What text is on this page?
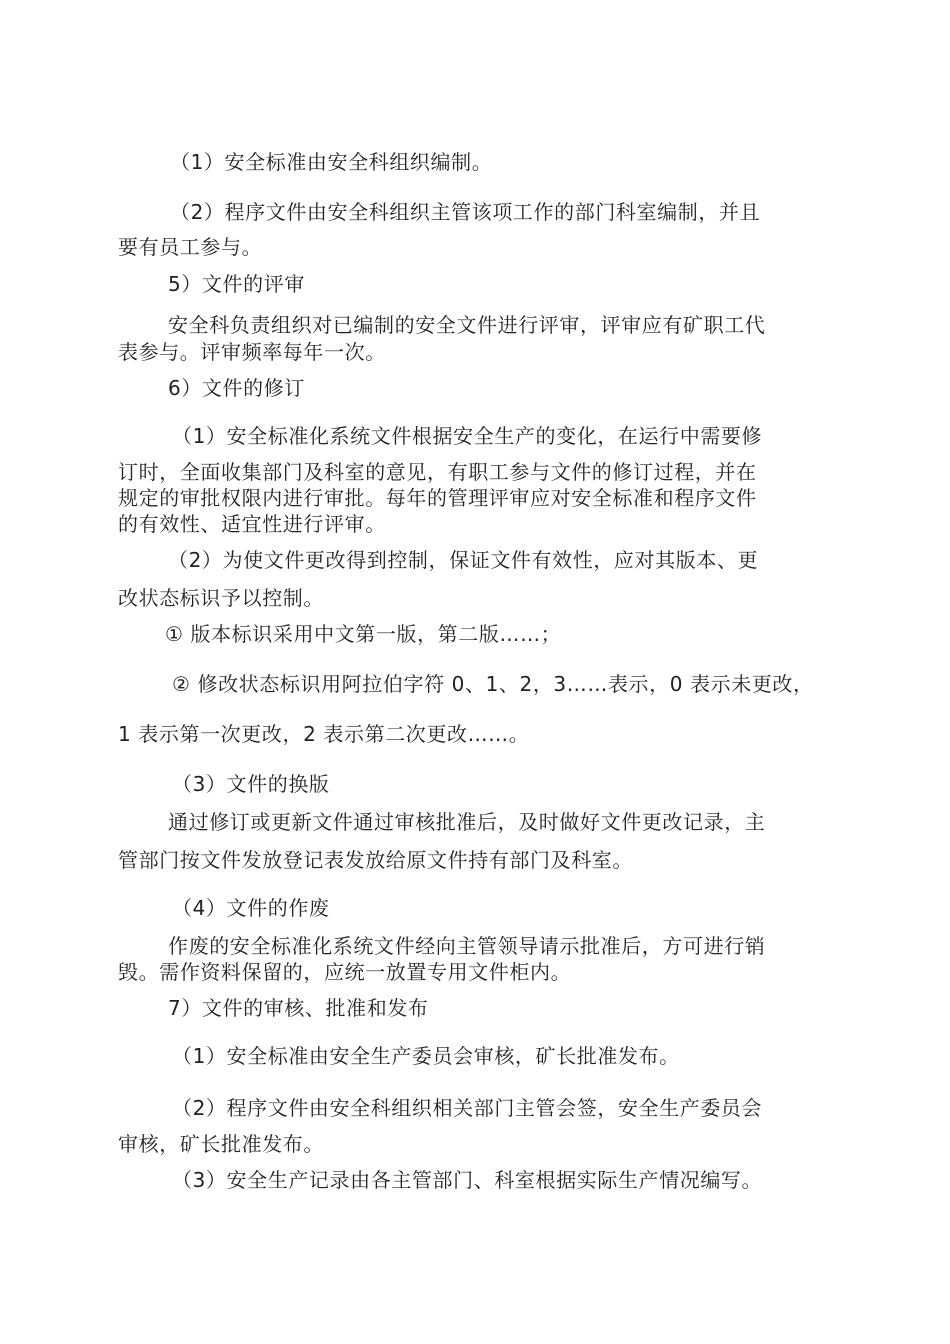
（1）安全标准由安全科组织编制。

（2）程序文件由安全科组织主管该项工作的部门科室编制，并且

要有员工参与。

5）文件的评审

安全科负责组织对已编制的安全文件进行评审，评审应有矿职工代

表参与。评审频率每年一次。

6）文件的修订

（1）安全标准化系统文件根据安全生产的变化，在运行中需要修

订时，全面收集部门及科室的意见，有职工参与文件的修订过程，并在

规定的审批权限内进行审批。每年的管理评审应对安全标准和程序文件

的有效性、适宜性进行评审。

（2）为使文件更改得到控制，保证文件有效性，应对其版本、更

改状态标识予以控制。

① 版本标识采用中文第一版，第二版……；

② 修改状态标识用阿拉伯字符 0、1、2，3……表示，0 表示未更改，

1 表示第一次更改，2 表示第二次更改……。

（3）文件的换版

通过修订或更新文件通过审核批准后，及时做好文件更改记录，主

管部门按文件发放登记表发放给原文件持有部门及科室。

（4）文件的作废

作废的安全标准化系统文件经向主管领导请示批准后，方可进行销

毁。需作资料保留的，应统一放置专用文件柜内。

7）文件的审核、批准和发布

（1）安全标准由安全生产委员会审核，矿长批准发布。

（2）程序文件由安全科组织相关部门主管会签，安全生产委员会

审核，矿长批准发布。

（3）安全生产记录由各主管部门、科室根据实际生产情况编写。
